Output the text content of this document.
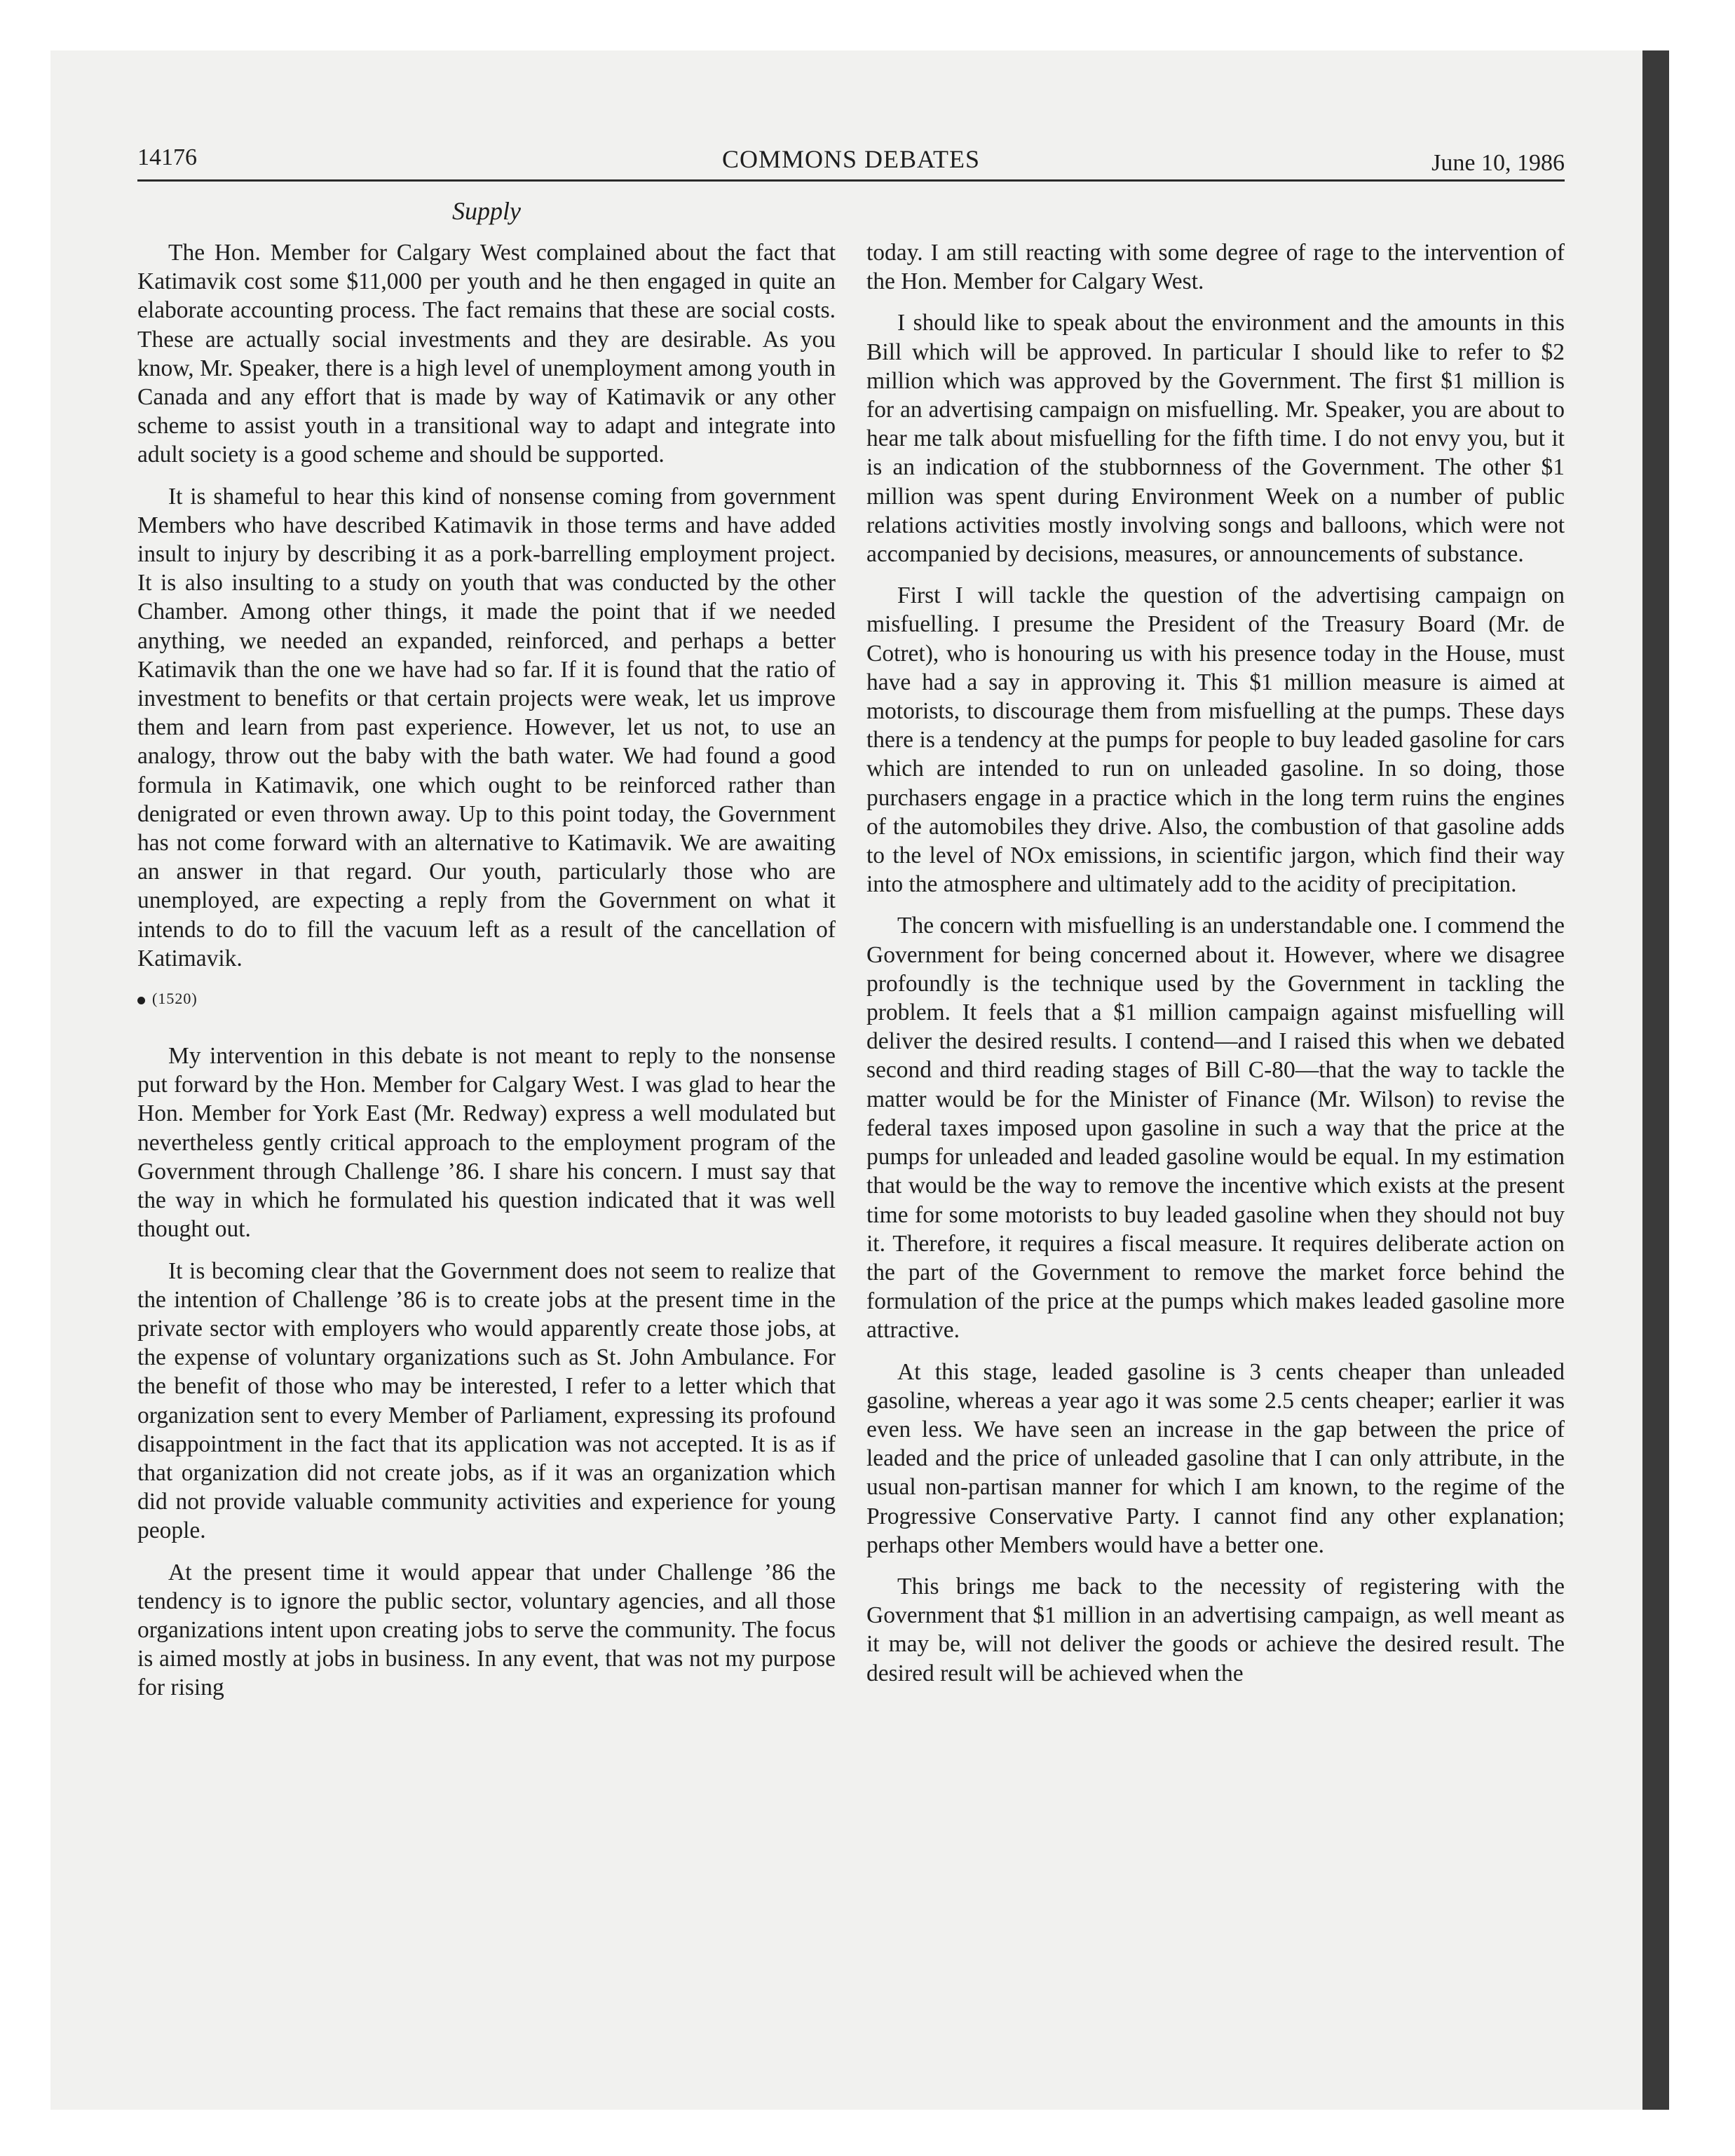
14176	COMMONS DEBATES	June 10, 1986
Supply

The Hon. Member for Calgary West complained about the fact that Katimavik cost some $11,000 per youth and he then engaged in quite an elaborate accounting process. The fact remains that these are social costs. These are actually social investments and they are desirable. As you know, Mr. Speaker, there is a high level of unemployment among youth in Canada and any effort that is made by way of Katimavik or any other scheme to assist youth in a transitional way to adapt and integrate into adult society is a good scheme and should be supported.

It is shameful to hear this kind of nonsense coming from government Members who have described Katimavik in those terms and have added insult to injury by describing it as a pork-barrelling employment project. It is also insulting to a study on youth that was conducted by the other Chamber. Among other things, it made the point that if we needed anything, we needed an expanded, reinforced, and perhaps a better Katimavik than the one we have had so far. If it is found that the ratio of investment to benefits or that certain projects were weak, let us improve them and learn from past experience. However, let us not, to use an analogy, throw out the baby with the bath water. We had found a good formula in Katimavik, one which ought to be reinforced rather than denigrated or even thrown away. Up to this point today, the Government has not come forward with an alternative to Katimavik. We are awaiting an answer in that regard. Our youth, particularly those who are unemployed, are expecting a reply from the Government on what it intends to do to fill the vacuum left as a result of the cancellation of Katimavik.

(1520)

My intervention in this debate is not meant to reply to the nonsense put forward by the Hon. Member for Calgary West. I was glad to hear the Hon. Member for York East (Mr. Redway) express a well modulated but nevertheless gently critical approach to the employment program of the Government through Challenge ’86. I share his concern. I must say that the way in which he formulated his question indicated that it was well thought out.

It is becoming clear that the Government does not seem to realize that the intention of Challenge ’86 is to create jobs at the present time in the private sector with employers who would apparently create those jobs, at the expense of voluntary organizations such as St. John Ambulance. For the benefit of those who may be interested, I refer to a letter which that organization sent to every Member of Parliament, expressing its profound disappointment in the fact that its application was not accepted. It is as if that organization did not create jobs, as if it was an organization which did not provide valuable community activities and experience for young people.

At the present time it would appear that under Challenge ’86 the tendency is to ignore the public sector, voluntary agencies, and all those organizations intent upon creating jobs to serve the community. The focus is aimed mostly at jobs in business. In any event, that was not my purpose for rising

today. I am still reacting with some degree of rage to the intervention of the Hon. Member for Calgary West.

I should like to speak about the environment and the amounts in this Bill which will be approved. In particular I should like to refer to $2 million which was approved by the Government. The first $1 million is for an advertising campaign on misfuelling. Mr. Speaker, you are about to hear me talk about misfuelling for the fifth time. I do not envy you, but it is an indication of the stubbornness of the Government. The other $1 million was spent during Environment Week on a number of public relations activities mostly involving songs and balloons, which were not accompanied by decisions, measures, or announcements of substance.

First I will tackle the question of the advertising campaign on misfuelling. I presume the President of the Treasury Board (Mr. de Cotret), who is honouring us with his presence today in the House, must have had a say in approving it. This $1 million measure is aimed at motorists, to discourage them from misfuelling at the pumps. These days there is a tendency at the pumps for people to buy leaded gasoline for cars which are intended to run on unleaded gasoline. In so doing, those purchasers engage in a practice which in the long term ruins the engines of the automobiles they drive. Also, the combustion of that gasoline adds to the level of NOx emissions, in scientific jargon, which find their way into the atmosphere and ultimately add to the acidity of precipitation.

The concern with misfuelling is an understandable one. I commend the Government for being concerned about it. However, where we disagree profoundly is the technique used by the Government in tackling the problem. It feels that a $1 million campaign against misfuelling will deliver the desired results. I contend—and I raised this when we debated second and third reading stages of Bill C-80—that the way to tackle the matter would be for the Minister of Finance (Mr. Wilson) to revise the federal taxes imposed upon gasoline in such a way that the price at the pumps for unleaded and leaded gasoline would be equal. In my estimation that would be the way to remove the incentive which exists at the present time for some motorists to buy leaded gasoline when they should not buy it. Therefore, it requires a fiscal measure. It requires deliberate action on the part of the Government to remove the market force behind the formulation of the price at the pumps which makes leaded gasoline more attractive.

At this stage, leaded gasoline is 3 cents cheaper than unleaded gasoline, whereas a year ago it was some 2.5 cents cheaper; earlier it was even less. We have seen an increase in the gap between the price of leaded and the price of unleaded gasoline that I can only attribute, in the usual non-partisan manner for which I am known, to the regime of the Progressive Conservative Party. I cannot find any other explanation; perhaps other Members would have a better one.

This brings me back to the necessity of registering with the Government that $1 million in an advertising campaign, as well meant as it may be, will not deliver the goods or achieve the desired result. The desired result will be achieved when the
